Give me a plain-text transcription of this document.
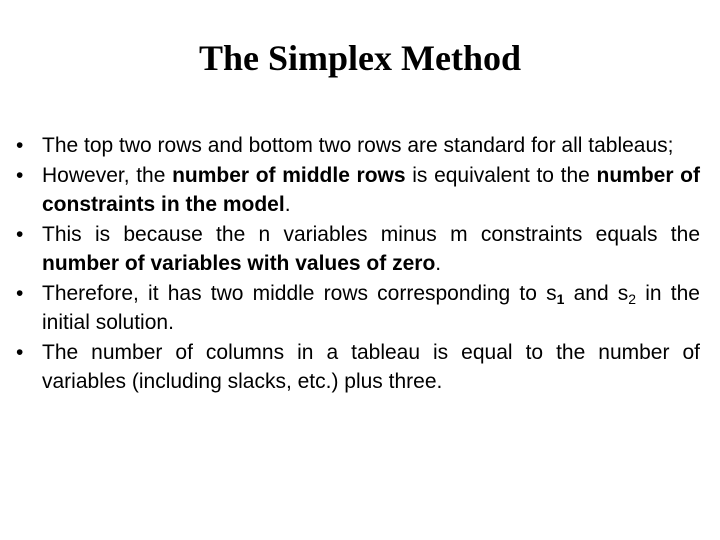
The Simplex Method
• The top two rows and bottom two rows are standard for all tableaus;
• However, the number of middle rows is equivalent to the number of constraints in the model.
• This is because the n variables minus m constraints equals the number of variables with values of zero.
• Therefore, it has two middle rows corresponding to $s_1$ and $s_2$ in the initial solution.
• The number of columns in a tableau is equal to the number of variables (including slacks, etc.) plus three.
